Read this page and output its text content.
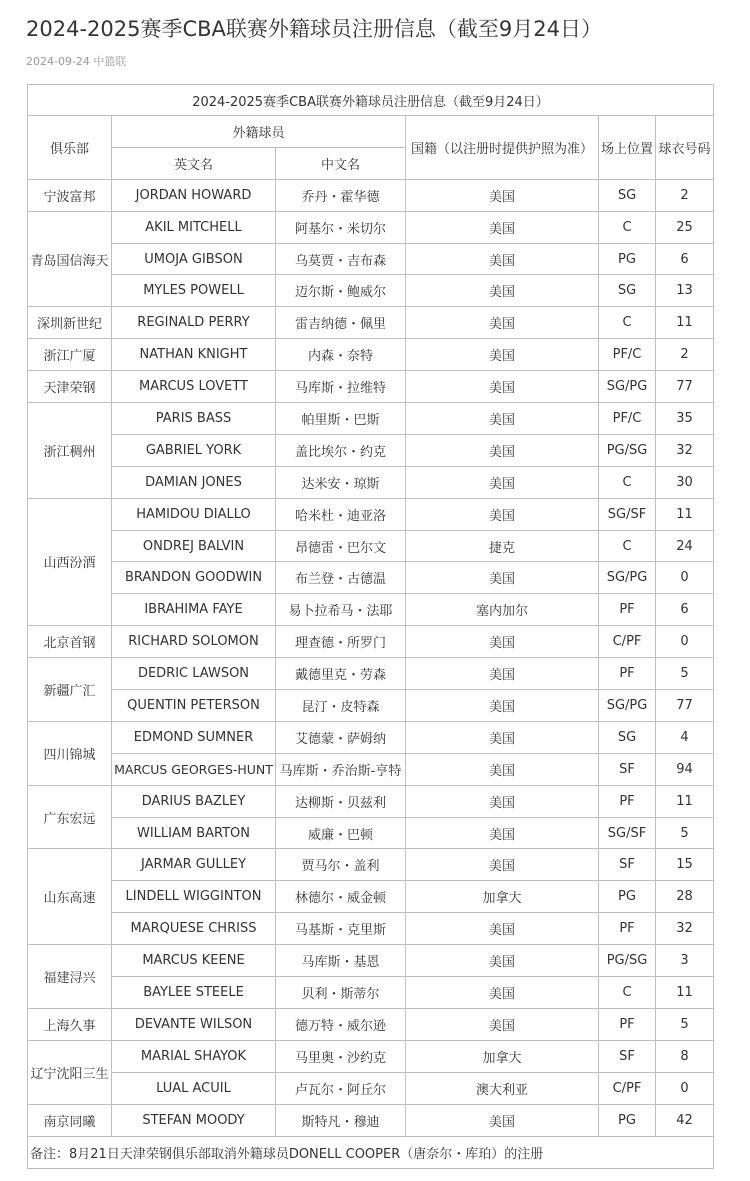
2024-2025赛季CBA联赛外籍球员注册信息（截至9月24日）
2024-09-24 中篮联
2024-2025赛季CBA联赛外籍球员注册信息（截至9月24日）					
俱乐部	外籍球员		国籍（以注册时提供护照为准）	场上位置	球衣号码
	英文名	中文名			
宁波富邦	JORDAN HOWARD	乔丹・霍华德	美国	SG	2
青岛国信海天	AKIL MITCHELL	阿基尔・米切尔	美国	C	25
	UMOJA GIBSON	乌莫贾・吉布森	美国	PG	6
	MYLES POWELL	迈尔斯・鲍威尔	美国	SG	13
深圳新世纪	REGINALD PERRY	雷吉纳德・佩里	美国	C	11
浙江广厦	NATHAN KNIGHT	内森・奈特	美国	PF/C	2
天津荣钢	MARCUS LOVETT	马库斯・拉维特	美国	SG/PG	77
浙江稠州	PARIS BASS	帕里斯・巴斯	美国	PF/C	35
	GABRIEL YORK	盖比埃尔・约克	美国	PG/SG	32
	DAMIAN JONES	达米安・琼斯	美国	C	30
山西汾酒	HAMIDOU DIALLO	哈米杜・迪亚洛	美国	SG/SF	11
	ONDREJ BALVIN	昂德雷・巴尔文	捷克	C	24
	BRANDON GOODWIN	布兰登・古德温	美国	SG/PG	0
	IBRAHIMA FAYE	易卜拉希马・法耶	塞内加尔	PF	6
北京首钢	RICHARD SOLOMON	理查德・所罗门	美国	C/PF	0
新疆广汇	DEDRIC LAWSON	戴德里克・劳森	美国	PF	5
	QUENTIN PETERSON	昆汀・皮特森	美国	SG/PG	77
四川锦城	EDMOND SUMNER	艾德蒙・萨姆纳	美国	SG	4
	MARCUS GEORGES-HUNT	马库斯・乔治斯-亨特	美国	SF	94
广东宏远	DARIUS BAZLEY	达柳斯・贝兹利	美国	PF	11
	WILLIAM BARTON	威廉・巴顿	美国	SG/SF	5
山东高速	JARMAR GULLEY	贾马尔・盖利	美国	SF	15
	LINDELL WIGGINTON	林德尔・威金顿	加拿大	PG	28
	MARQUESE CHRISS	马基斯・克里斯	美国	PF	32
福建浔兴	MARCUS KEENE	马库斯・基恩	美国	PG/SG	3
	BAYLEE STEELE	贝利・斯蒂尔	美国	C	11
上海久事	DEVANTE WILSON	德万特・威尔逊	美国	PF	5
辽宁沈阳三生	MARIAL SHAYOK	马里奥・沙约克	加拿大	SF	8
	LUAL ACUIL	卢瓦尔・阿丘尔	澳大利亚	C/PF	0
南京同曦	STEFAN MOODY	斯特凡・穆迪	美国	PG	42
备注：8月21日天津荣钢俱乐部取消外籍球员DONELL COOPER（唐奈尔・库珀）的注册					
